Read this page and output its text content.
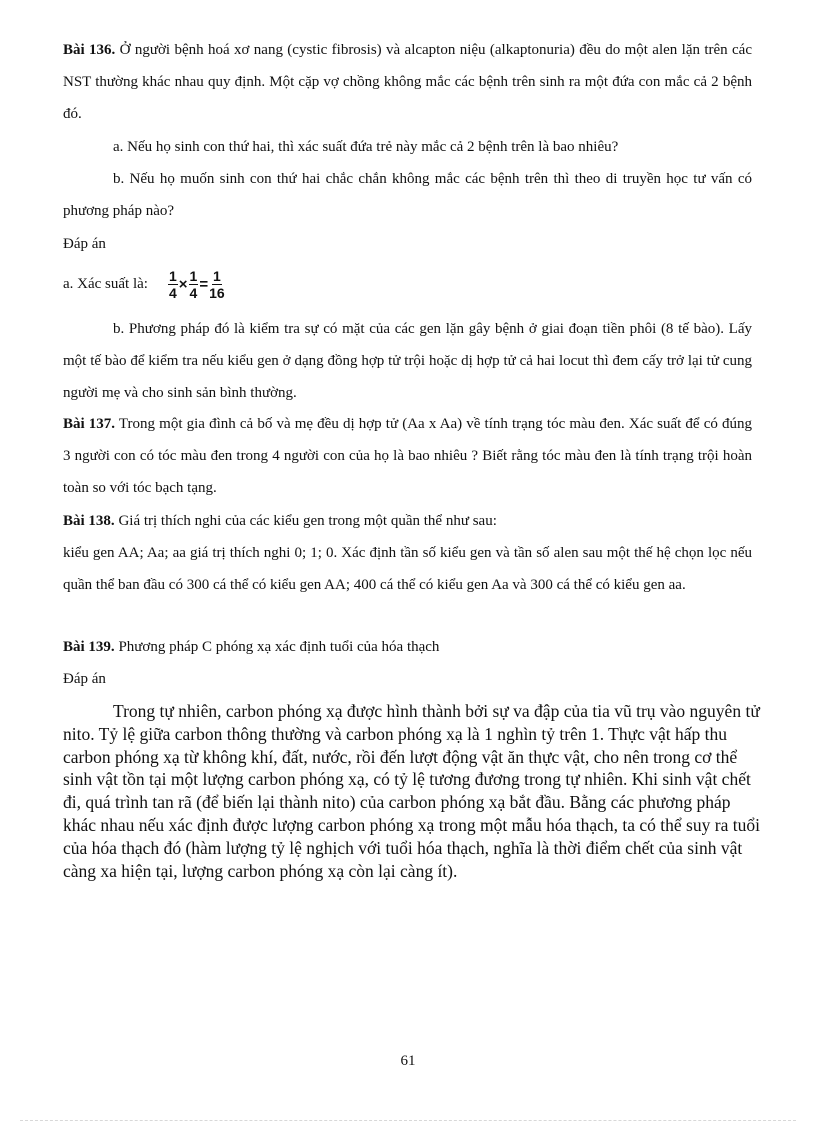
Bài 136. Ở người bệnh hoá xơ nang (cystic fibrosis) và alcapton niệu (alkaptonuria) đều do một alen lặn trên các NST thường khác nhau quy định. Một cặp vợ chồng không mắc các bệnh trên sinh ra một đứa con mắc cả 2 bệnh đó.

a. Nếu họ sinh con thứ hai, thì xác suất đứa trẻ này mắc cả 2 bệnh trên là bao nhiêu?

b. Nếu họ muốn sinh con thứ hai chắc chắn không mắc các bệnh trên thì theo di truyền học tư vấn có phương pháp nào?

Đáp án

a. Xác suất là: $\frac{1}{4} \times \frac{1}{4} = \frac{1}{16}$

b. Phương pháp đó là kiểm tra sự có mặt của các gen lặn gây bệnh ở giai đoạn tiền phôi (8 tế bào). Lấy một tế bào để kiểm tra nếu kiểu gen ở dạng đồng hợp tử trội hoặc dị hợp tử cả hai locut thì đem cấy trở lại tử cung người mẹ và cho sinh sản bình thường.

Bài 137. Trong một gia đình cả bố và mẹ đều dị hợp tử (Aa x Aa) về tính trạng tóc màu đen. Xác suất để có đúng 3 người con có tóc màu đen trong 4 người con của họ là bao nhiêu ? Biết rằng tóc màu đen là tính trạng trội hoàn toàn so với tóc bạch tạng.

Bài 138. Giá trị thích nghi của các kiểu gen trong một quần thể như sau:

kiểu gen AA; Aa; aa giá trị thích nghi 0; 1; 0. Xác định tần số kiểu gen và tần số alen sau một thế hệ chọn lọc nếu quần thể ban đầu có 300 cá thể có kiểu gen AA; 400 cá thể có kiểu gen Aa và 300 cá thể có kiểu gen aa.

Bài 139. Phương pháp C phóng xạ xác định tuổi của hóa thạch

Đáp án

Trong tự nhiên, carbon phóng xạ được hình thành bởi sự va đập của tia vũ trụ vào nguyên tử nito. Tỷ lệ giữa carbon thông thường và carbon phóng xạ là 1 nghìn tỷ trên 1. Thực vật hấp thu carbon phóng xạ từ không khí, đất, nước, rồi đến lượt động vật ăn thực vật, cho nên trong cơ thể sinh vật tồn tại một lượng carbon phóng xạ, có tỷ lệ tương đương trong tự nhiên. Khi sinh vật chết đi, quá trình tan rã (để biến lại thành nito) của carbon phóng xạ bắt đầu. Bằng các phương pháp khác nhau nếu xác định được lượng carbon phóng xạ trong một mẫu hóa thạch, ta có thể suy ra tuổi của hóa thạch đó (hàm lượng tỷ lệ nghịch với tuổi hóa thạch, nghĩa là thời điểm chết của sinh vật càng xa hiện tại, lượng carbon phóng xạ còn lại càng ít).

61
